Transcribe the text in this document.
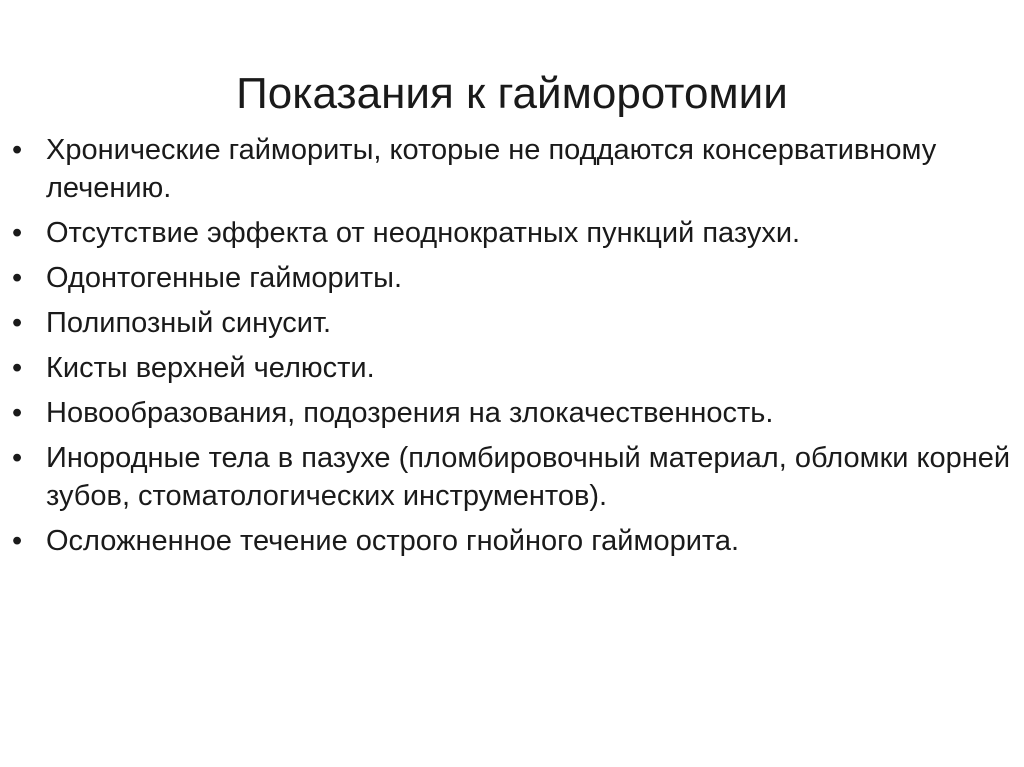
Показания к гайморотомии
• Хронические гаймориты, которые не поддаются консервативному лечению.
• Отсутствие эффекта от неоднократных пункций пазухи.
• Одонтогенные гаймориты.
• Полипозный синусит.
• Кисты верхней челюсти.
• Новообразования, подозрения на злокачественность.
• Инородные тела в пазухе (пломбировочный материал, обломки корней зубов, стоматологических инструментов).
• Осложненное течение острого гнойного гайморита.
